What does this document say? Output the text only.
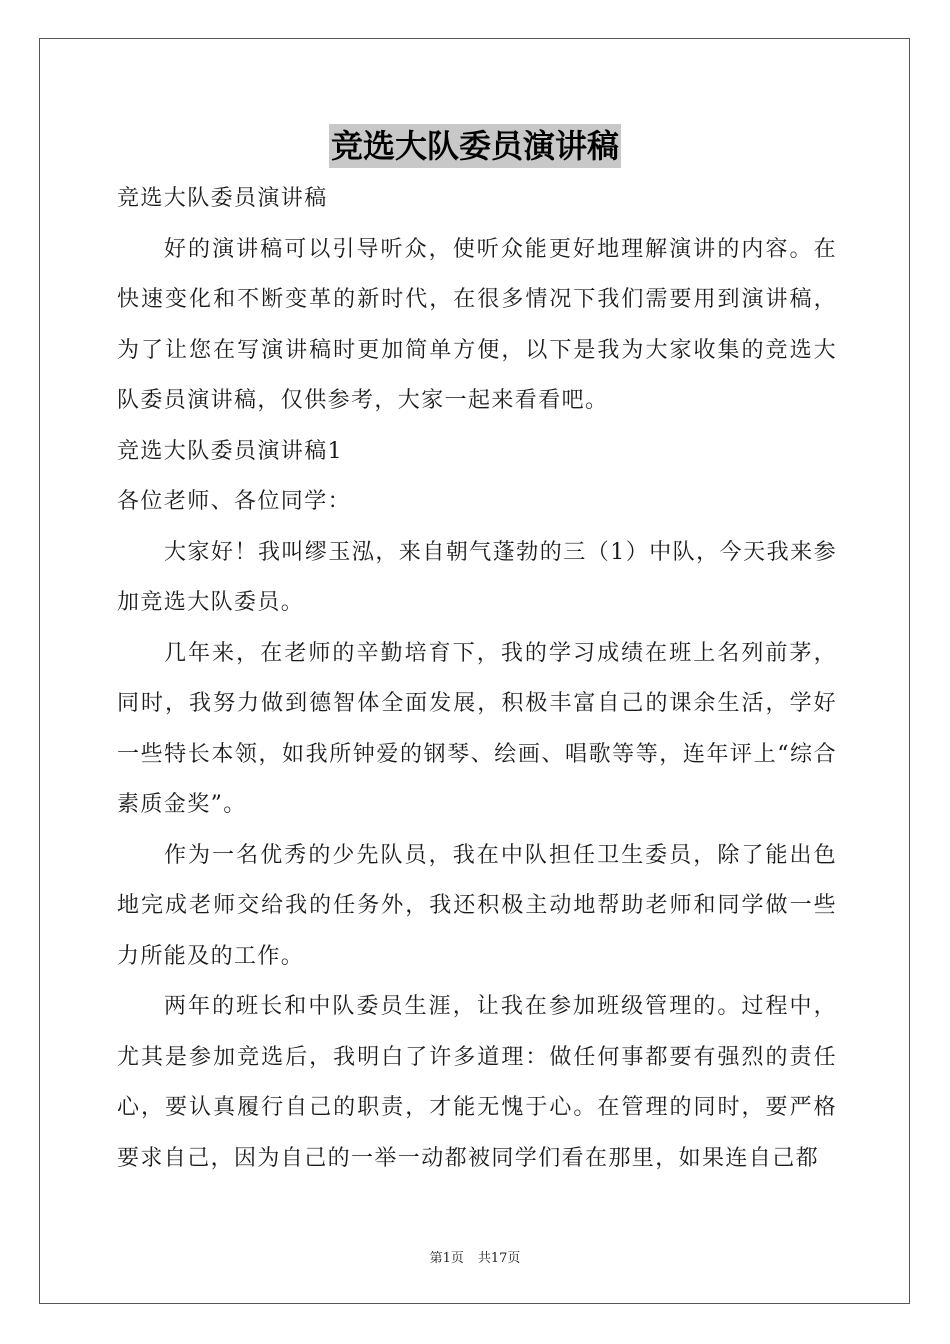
竞选大队委员演讲稿

竞选大队委员演讲稿

好的演讲稿可以引导听众，使听众能更好地理解演讲的内容。在快速变化和不断变革的新时代，在很多情况下我们需要用到演讲稿，为了让您在写演讲稿时更加简单方便，以下是我为大家收集的竞选大队委员演讲稿，仅供参考，大家一起来看看吧。

竞选大队委员演讲稿1

各位老师、各位同学：

大家好！我叫缪玉泓，来自朝气蓬勃的三（1）中队，今天我来参加竞选大队委员。

几年来，在老师的辛勤培育下，我的学习成绩在班上名列前茅，同时，我努力做到德智体全面发展，积极丰富自己的课余生活，学好一些特长本领，如我所钟爱的钢琴、绘画、唱歌等等，连年评上“综合素质金奖”。

作为一名优秀的少先队员，我在中队担任卫生委员，除了能出色地完成老师交给我的任务外，我还积极主动地帮助老师和同学做一些力所能及的工作。

两年的班长和中队委员生涯，让我在参加班级管理的。过程中，尤其是参加竞选后，我明白了许多道理：做任何事都要有强烈的责任心，要认真履行自己的职责，才能无愧于心。在管理的同时，要严格要求自己，因为自己的一举一动都被同学们看在那里，如果连自己都

第1页 共17页
